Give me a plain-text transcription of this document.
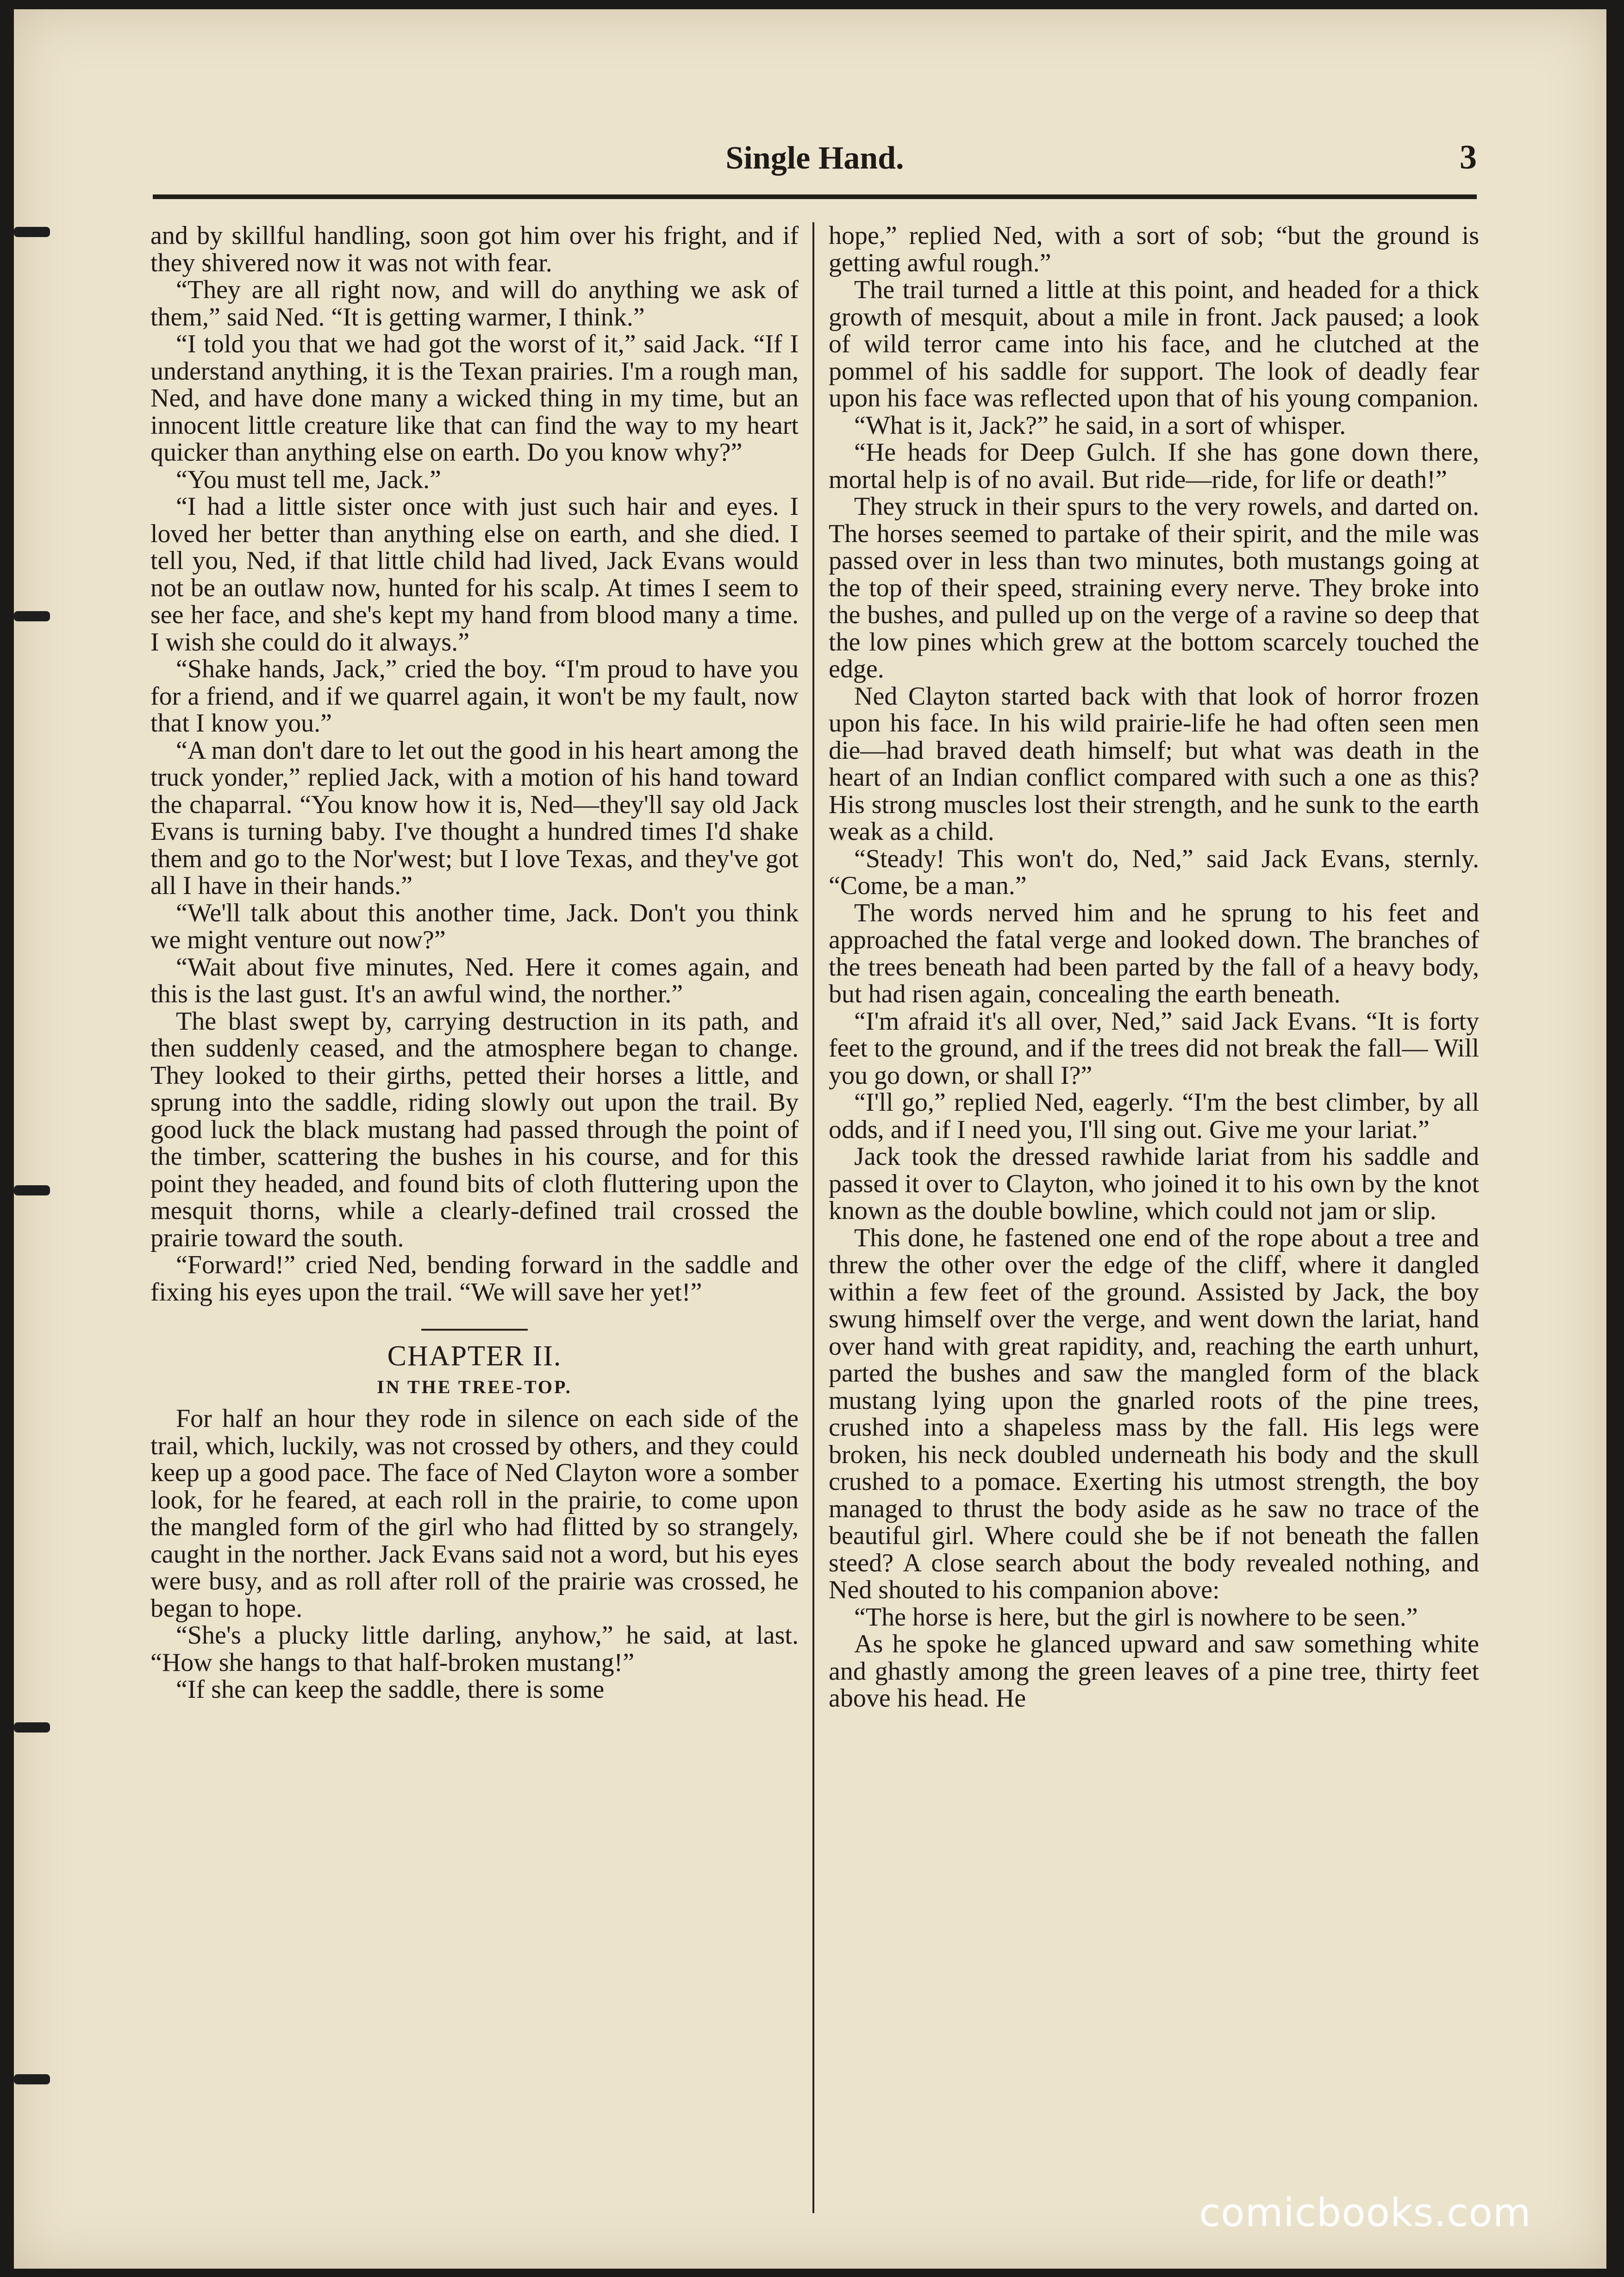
Single Hand.	3

and by skillful handling, soon got him over his fright, and if they shivered now it was not with fear.

“They are all right now, and will do anything we ask of them,” said Ned. “It is getting warmer, I think.”

“I told you that we had got the worst of it,” said Jack. “If I understand anything, it is the Texan prairies. I'm a rough man, Ned, and have done many a wicked thing in my time, but an innocent little creature like that can find the way to my heart quicker than anything else on earth. Do you know why?”

“You must tell me, Jack.”

“I had a little sister once with just such hair and eyes. I loved her better than anything else on earth, and she died. I tell you, Ned, if that little child had lived, Jack Evans would not be an outlaw now, hunted for his scalp. At times I seem to see her face, and she's kept my hand from blood many a time. I wish she could do it always.”

“Shake hands, Jack,” cried the boy. “I'm proud to have you for a friend, and if we quarrel again, it won't be my fault, now that I know you.”

“A man don't dare to let out the good in his heart among the truck yonder,” replied Jack, with a motion of his hand toward the chaparral. “You know how it is, Ned—they'll say old Jack Evans is turning baby. I've thought a hundred times I'd shake them and go to the Nor'west; but I love Texas, and they've got all I have in their hands.”

“We'll talk about this another time, Jack. Don't you think we might venture out now?”

“Wait about five minutes, Ned. Here it comes again, and this is the last gust. It's an awful wind, the norther.”

The blast swept by, carrying destruction in its path, and then suddenly ceased, and the atmosphere began to change. They looked to their girths, petted their horses a little, and sprung into the saddle, riding slowly out upon the trail. By good luck the black mustang had passed through the point of the timber, scattering the bushes in his course, and for this point they headed, and found bits of cloth fluttering upon the mesquit thorns, while a clearly-defined trail crossed the prairie toward the south.

“Forward!” cried Ned, bending forward in the saddle and fixing his eyes upon the trail. “We will save her yet!”

CHAPTER II.
IN THE TREE-TOP.

For half an hour they rode in silence on each side of the trail, which, luckily, was not crossed by others, and they could keep up a good pace. The face of Ned Clayton wore a somber look, for he feared, at each roll in the prairie, to come upon the mangled form of the girl who had flitted by so strangely, caught in the norther. Jack Evans said not a word, but his eyes were busy, and as roll after roll of the prairie was crossed, he began to hope.

“She's a plucky little darling, anyhow,” he said, at last. “How she hangs to that half-broken mustang!”

“If she can keep the saddle, there is some

hope,” replied Ned, with a sort of sob; “but the ground is getting awful rough.”

The trail turned a little at this point, and headed for a thick growth of mesquit, about a mile in front. Jack paused; a look of wild terror came into his face, and he clutched at the pommel of his saddle for support. The look of deadly fear upon his face was reflected upon that of his young companion.

“What is it, Jack?” he said, in a sort of whisper.

“He heads for Deep Gulch. If she has gone down there, mortal help is of no avail. But ride—ride, for life or death!”

They struck in their spurs to the very rowels, and darted on. The horses seemed to partake of their spirit, and the mile was passed over in less than two minutes, both mustangs going at the top of their speed, straining every nerve. They broke into the bushes, and pulled up on the verge of a ravine so deep that the low pines which grew at the bottom scarcely touched the edge.

Ned Clayton started back with that look of horror frozen upon his face. In his wild prairie-life he had often seen men die—had braved death himself; but what was death in the heart of an Indian conflict compared with such a one as this? His strong muscles lost their strength, and he sunk to the earth weak as a child.

“Steady! This won't do, Ned,” said Jack Evans, sternly. “Come, be a man.”

The words nerved him and he sprung to his feet and approached the fatal verge and looked down. The branches of the trees beneath had been parted by the fall of a heavy body, but had risen again, concealing the earth beneath.

“I'm afraid it's all over, Ned,” said Jack Evans. “It is forty feet to the ground, and if the trees did not break the fall— Will you go down, or shall I?”

“I'll go,” replied Ned, eagerly. “I'm the best climber, by all odds, and if I need you, I'll sing out. Give me your lariat.”

Jack took the dressed rawhide lariat from his saddle and passed it over to Clayton, who joined it to his own by the knot known as the double bowline, which could not jam or slip.

This done, he fastened one end of the rope about a tree and threw the other over the edge of the cliff, where it dangled within a few feet of the ground. Assisted by Jack, the boy swung himself over the verge, and went down the lariat, hand over hand with great rapidity, and, reaching the earth unhurt, parted the bushes and saw the mangled form of the black mustang lying upon the gnarled roots of the pine trees, crushed into a shapeless mass by the fall. His legs were broken, his neck doubled underneath his body and the skull crushed to a pomace. Exerting his utmost strength, the boy managed to thrust the body aside as he saw no trace of the beautiful girl. Where could she be if not beneath the fallen steed? A close search about the body revealed nothing, and Ned shouted to his companion above:

“The horse is here, but the girl is nowhere to be seen.”

As he spoke he glanced upward and saw something white and ghastly among the green leaves of a pine tree, thirty feet above his head. He

comicbooks.com
